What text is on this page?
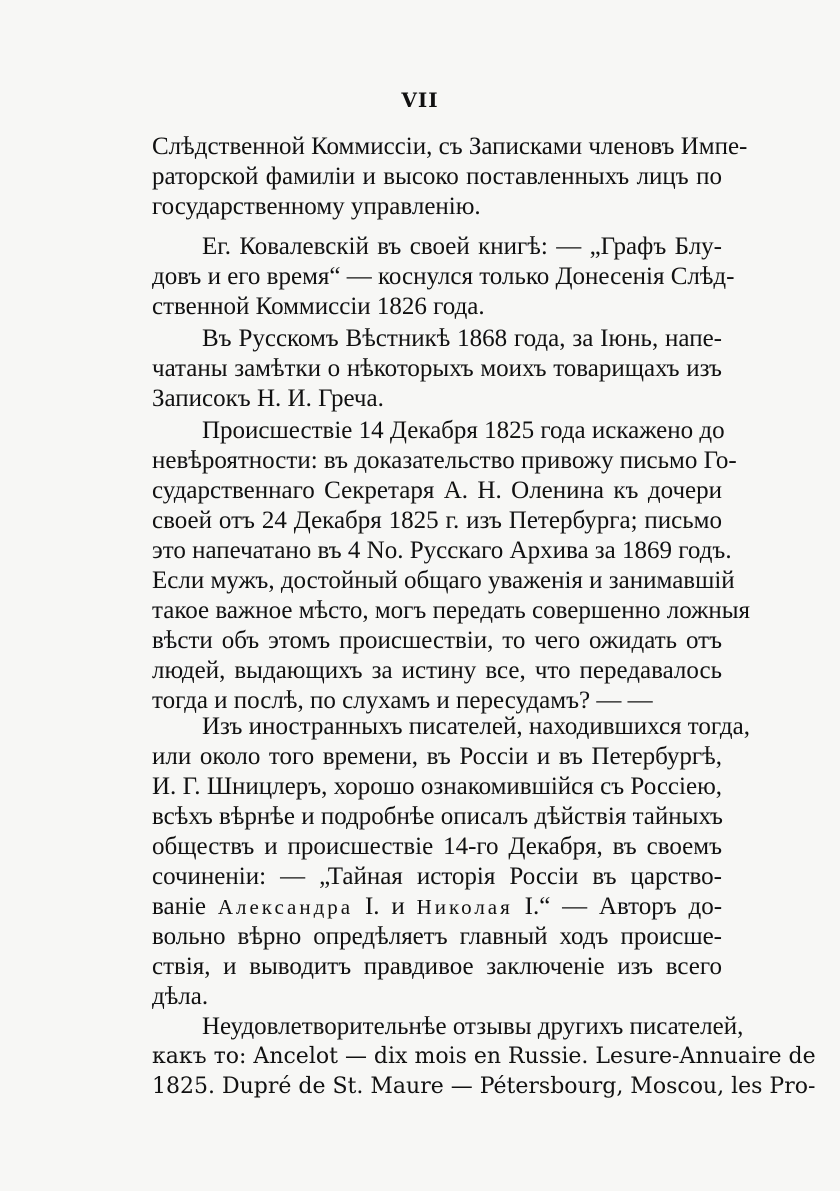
VII
Слѣдственной Коммиссіи, съ Записками членовъ Импе-
раторской фамиліи и высоко поставленныхъ лицъ по
государственному управленію.
Ег. Ковалевскій въ своей книгѣ: — „Графъ Блу-
довъ и его время“ — коснулся только Донесенія Слѣд-
ственной Коммиссіи 1826 года.
Въ Русскомъ Вѣстникѣ 1868 года, за Іюнь, напе-
чатаны замѣтки о нѣкоторыхъ моихъ товарищахъ изъ
Записокъ Н. И. Греча.
Происшествіе 14 Декабря 1825 года искажено до
невѣроятности: въ доказательство привожу письмо Го-
сударственнаго Секретаря А. Н. Оленина къ дочери
своей отъ 24 Декабря 1825 г. изъ Петербурга; письмо
это напечатано въ 4 No. Русскаго Архива за 1869 годъ.
Если мужъ, достойный общаго уваженія и занимавшій
такое важное мѣсто, могъ передать совершенно ложныя
вѣсти объ этомъ происшествіи, то чего ожидать отъ
людей, выдающихъ за истину все, что передавалось
тогда и послѣ, по слухамъ и пересудамъ? — —
Изъ иностранныхъ писателей, находившихся тогда,
или около того времени, въ Россіи и въ Петербургѣ,
И. Г. Шницлеръ, хорошо ознакомившійся съ Россіею,
всѣхъ вѣрнѣе и подробнѣе описалъ дѣйствія тайныхъ
обществъ и происшествіе 14-го Декабря, въ своемъ
сочиненіи: — „Тайная исторія Россіи въ царство-
ваніе Александра I. и Николая I.“ — Авторъ до-
вольно вѣрно опредѣляетъ главный ходъ происше-
ствія, и выводитъ правдивое заключеніе изъ всего
дѣла.
Неудовлетворительнѣе отзывы другихъ писателей,
какъ то: Ancelot — dix mois en Russie. Lesure-Annuaire de
1825. Dupré de St. Maure — Pétersbourg, Moscou, les Pro-
